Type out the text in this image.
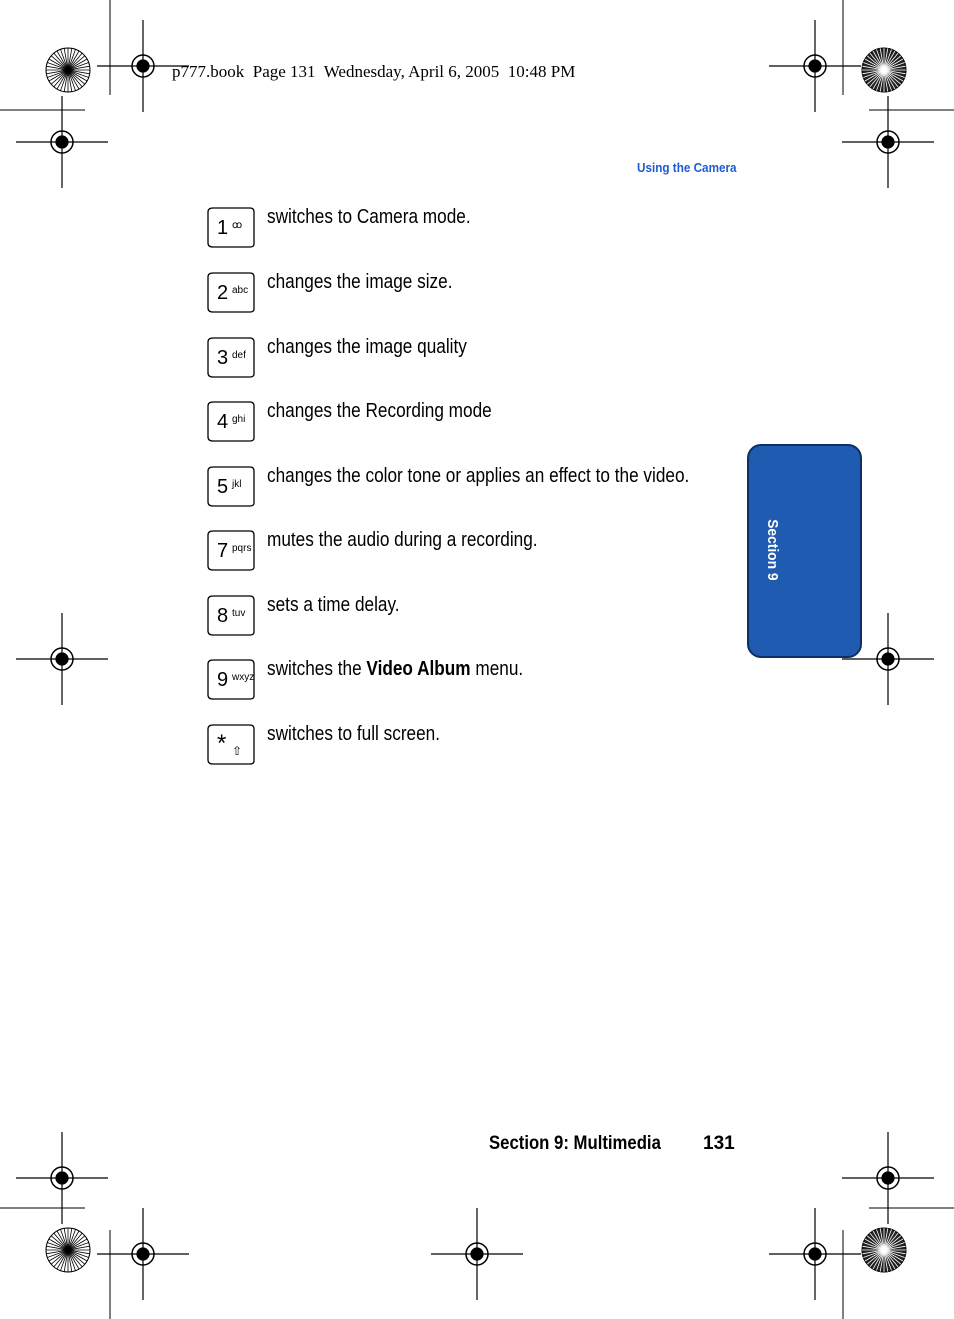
p777.book  Page 131  Wednesday, April 6, 2005  10:48 PM
Using the Camera
1 ꝏ switches to Camera mode.
2 abc changes the image size.
3 def changes the image quality
4 ghi changes the Recording mode
5 jkl changes the color tone or applies an effect to the video.
7 pqrs mutes the audio during a recording.
8 tuv sets a time delay.
9 wxyz switches the Video Album menu.
* ⇧
switches to full screen.
Section 9
Section 9: Multimedia 131
